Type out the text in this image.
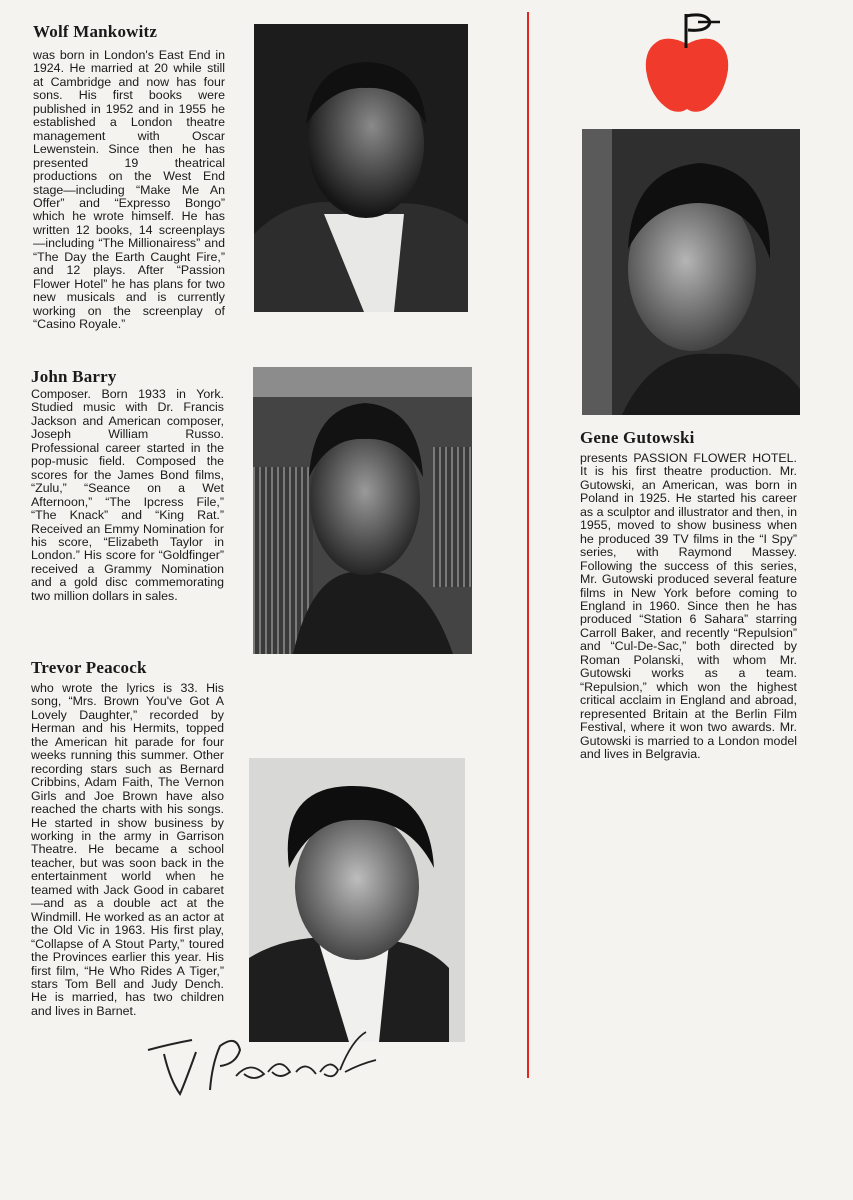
Wolf Mankowitz

was born in London's East End in 1924. He married at 20 while still at Cambridge and now has four sons. His first books were published in 1952 and in 1955 he established a London theatre management with Oscar Lewenstein. Since then he has presented 19 theatrical productions on the West End stage—including “Make Me An Offer” and “Expresso Bongo” which he wrote himself. He has written 12 books, 14 screenplays—including “The Millionairess” and “The Day the Earth Caught Fire,” and 12 plays. After “Passion Flower Hotel” he has plans for two new musicals and is currently working on the screenplay of “Casino Royale.”

John Barry

Composer. Born 1933 in York. Studied music with Dr. Francis Jackson and American composer, Joseph William Russo. Professional career started in the pop-music field. Composed the scores for the James Bond films, “Zulu,” “Seance on a Wet Afternoon,” “The Ipcress File,” “The Knack” and “King Rat.” Received an Emmy Nomination for his score, “Elizabeth Taylor in London.” His score for “Goldfinger” received a Grammy Nomination and a gold disc commemorating two million dollars in sales.

Trevor Peacock

who wrote the lyrics is 33. His song, “Mrs. Brown You've Got A Lovely Daughter,” recorded by Herman and his Hermits, topped the American hit parade for four weeks running this summer. Other recording stars such as Bernard Cribbins, Adam Faith, The Vernon Girls and Joe Brown have also reached the charts with his songs. He started in show business by working in the army in Garrison Theatre. He became a school teacher, but was soon back in the entertainment world when he teamed with Jack Good in cabaret—and as a double act at the Windmill. He worked as an actor at the Old Vic in 1963. His first play, “Collapse of A Stout Party,” toured the Provinces earlier this year. His first film, “He Who Rides A Tiger,” stars Tom Bell and Judy Dench. He is married, has two children and lives in Barnet.

Gene Gutowski

presents PASSION FLOWER HOTEL. It is his first theatre production. Mr. Gutowski, an American, was born in Poland in 1925. He started his career as a sculptor and illustrator and then, in 1955, moved to show business when he produced 39 TV films in the “I Spy” series, with Raymond Massey. Following the success of this series, Mr. Gutowski produced several feature films in New York before coming to England in 1960. Since then he has produced “Station 6 Sahara” starring Carroll Baker, and recently “Repulsion” and “Cul-De-Sac,” both directed by Roman Polanski, with whom Mr. Gutowski works as a team. “Repulsion,” which won the highest critical acclaim in England and abroad, represented Britain at the Berlin Film Festival, where it won two awards. Mr. Gutowski is married to a London model and lives in Belgravia.
